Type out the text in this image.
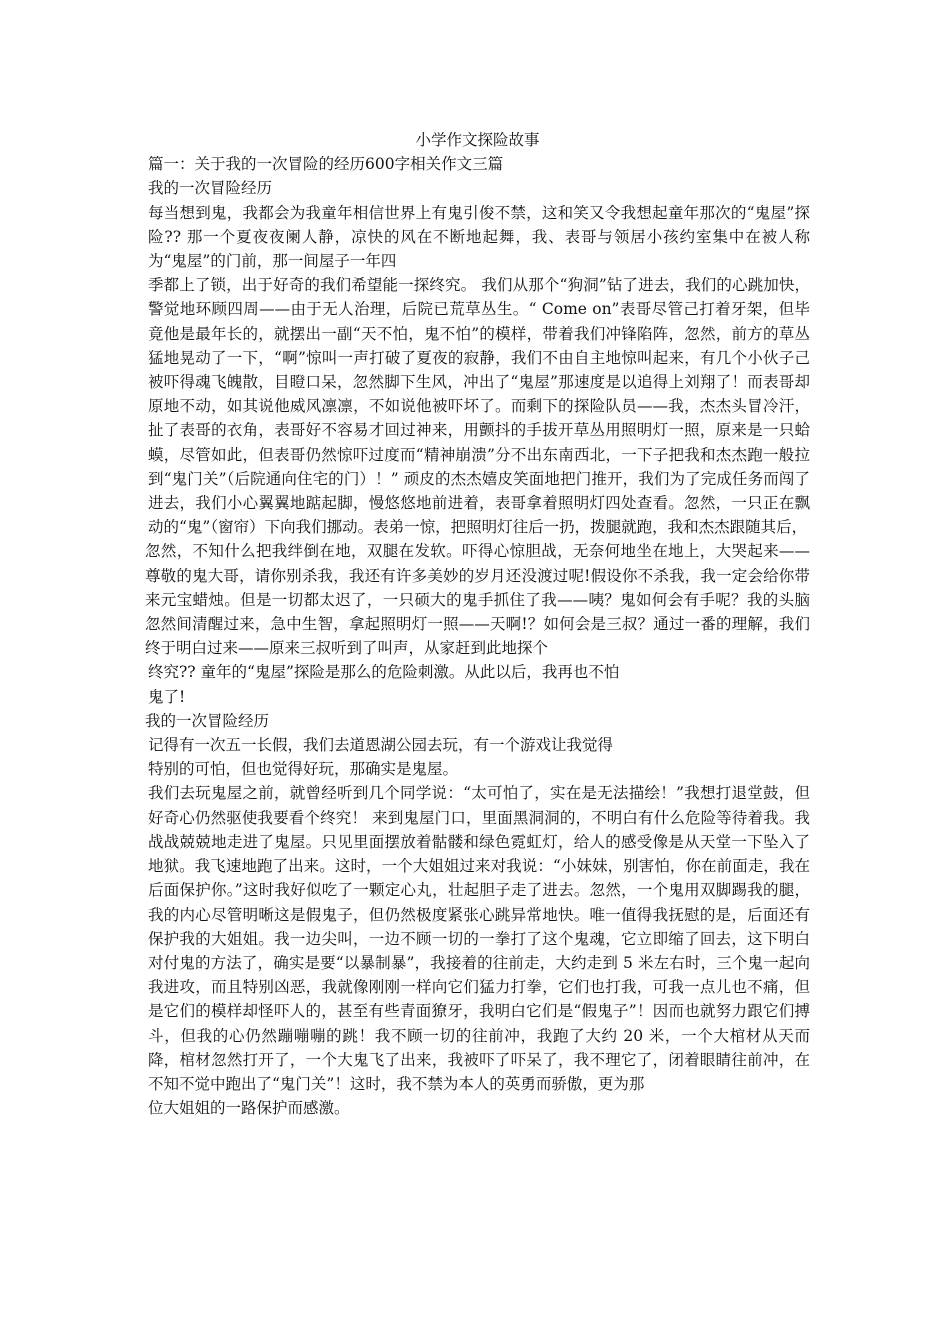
小学作文探险故事

篇一：关于我的一次冒险的经历600字相关作文三篇

我的一次冒险经历

每当想到鬼，我都会为我童年相信世界上有鬼引俊不禁，这和笑又令我想起童年那次的“鬼屋”探险?? 那一个夏夜夜阑人静，凉快的风在不断地起舞，我、表哥与领居小孩约室集中在被人称 为“鬼屋”的门前，那一间屋子一年四

季都上了锁，出于好奇的我们希望能一探终究。 我们从那个“狗洞”钻了进去，我们的心跳加快，警觉地环顾四周——由于无人治理，后院已荒草丛生。“ Come on”表哥尽管己打着牙架，但毕竟他是最年长的，就摆出一副“天不怕，鬼不怕”的模样，带着我们冲锋陷阵，忽然，前方的草丛猛地晃动了一下，“啊”惊叫一声打破了夏夜的寂静，我们不由自主地惊叫起来，有几个小伙子己被吓得魂飞魄散，目瞪口呆，忽然脚下生风，冲出了“鬼屋”那速度是以追得上刘翔了！而表哥却原地不动，如其说他威风凛凛，不如说他被吓坏了。而剩下的探险队员——我，杰杰头冒冷汗，扯了表哥的衣角，表哥好不容易才回过神来，用颤抖的手拔开草丛用照明灯一照，原来是一只蛤蟆，尽管如此，但表哥仍然惊吓过度而“精神崩溃”分不出东南西北，一下子把我和杰杰跑一般拉到“鬼门关”（后院通向住宅的门）！” 顽皮的杰杰嬉皮笑面地把门推开，我们为了完成任务而闯了进去，我们小心翼翼地踮起脚，慢悠悠地前进着，表哥拿着照明灯四处查看。忽然，一只正在飘动的“鬼”（窗帘）下向我们挪动。表弟一惊，把照明灯往后一扔，拨腿就跑，我和杰杰跟随其后，

忽然，不知什么把我绊倒在地，双腿在发软。吓得心惊胆战，无奈何地坐在地上，大哭起来——尊敬的鬼大哥，请你别杀我，我还有许多美妙的岁月还没渡过呢!假设你不杀我，我一定会给你带来元宝蜡烛。但是一切都太迟了，一只硕大的鬼手抓住了我——咦？鬼如何会有手呢？我的头脑忽然间清醒过来，急中生智，拿起照明灯一照——天啊!？如何会是三叔？通过一番的理解，我们终于明白过来——原来三叔听到了叫声，从家赶到此地探个

终究?? 童年的“鬼屋”探险是那么的危险刺激。从此以后，我再也不怕

鬼了!

我的一次冒险经历

记得有一次五一长假，我们去道恩湖公园去玩，有一个游戏让我觉得

特别的可怕，但也觉得好玩，那确实是鬼屋。

我们去玩鬼屋之前，就曾经听到几个同学说：“太可怕了，实在是无法描绘！”我想打退堂鼓，但好奇心仍然驱使我要看个终究！ 来到鬼屋门口，里面黑洞洞的，不明白有什么危险等待着我。我战战兢兢地走进了鬼屋。只见里面摆放着骷髅和绿色霓虹灯，给人的感受像是从天堂一下坠入了地狱。我飞速地跑了出来。这时，一个大姐姐过来对我说：“小妹妹，别害怕，你在前面走，我在后面保护你。”这时我好似吃了一颗定心丸，壮起胆子走了进去。忽然，一个鬼用双脚踢我的腿，我的内心尽管明晰这是假鬼子，但仍然极度紧张心跳异常地快。唯一值得我抚慰的是，后面还有保护我的大姐姐。我一边尖叫，一边不顾一切的一拳打了这个鬼魂，它立即缩了回去，这下明白对付鬼的方法了，确实是要“以暴制暴”，我接着的往前走，大约走到 5 米左右时，三个鬼一起向我进攻，而且特别凶恶，我就像刚刚一样向它们猛力打拳，它们也打我，可我一点儿也不痛，但是它们的模样却怪吓人的，甚至有些青面獠牙，我明白它们是“假鬼子”！因而也就努力跟它们搏斗，但我的心仍然蹦嘣嘣的跳！我不顾一切的往前冲，我跑了大约 20 米，一个大棺材从天而降，棺材忽然打开了，一个大鬼飞了出来，我被吓了吓呆了，我不理它了，闭着眼睛往前冲，在不知不觉中跑出了“鬼门关”！这时，我不禁为本人的英勇而骄傲，更为那

位大姐姐的一路保护而感激。
